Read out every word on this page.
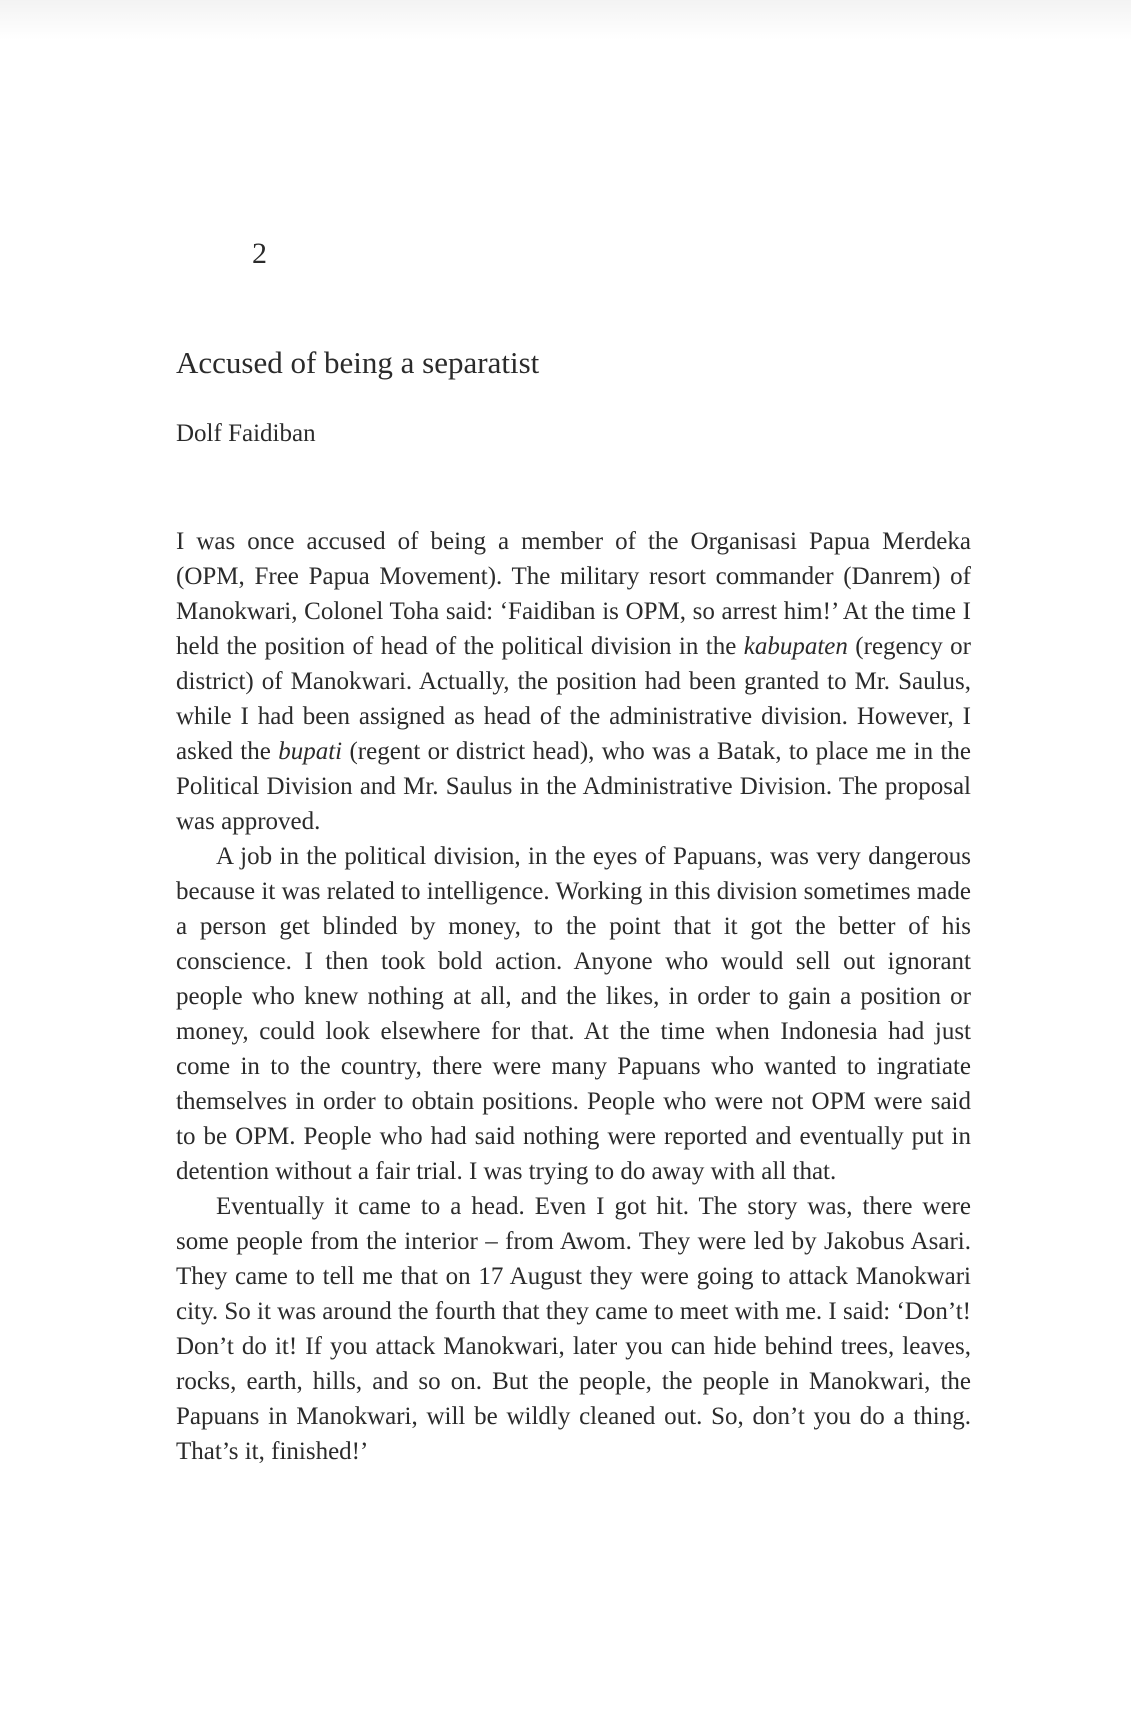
2
Accused of being a separatist
Dolf Faidiban

I was once accused of being a member of the Organisasi Papua Merdeka (OPM, Free Papua Movement). The military resort commander (Danrem) of Manokwari, Colonel Toha said: ‘Faidiban is OPM, so arrest him!’ At the time I held the position of head of the political division in the kabupaten (regency or district) of Manokwari. Actually, the position had been granted to Mr. Saulus, while I had been assigned as head of the administrative division. However, I asked the bupati (regent or district head), who was a Batak, to place me in the Political Division and Mr. Saulus in the Administrative Division. The proposal was approved.

A job in the political division, in the eyes of Papuans, was very dangerous because it was related to intelligence. Working in this division sometimes made a person get blinded by money, to the point that it got the better of his conscience. I then took bold action. Anyone who would sell out ignorant people who knew nothing at all, and the likes, in order to gain a position or money, could look elsewhere for that. At the time when Indonesia had just come in to the country, there were many Papuans who wanted to ingratiate themselves in order to obtain positions. People who were not OPM were said to be OPM. People who had said nothing were reported and eventually put in detention without a fair trial. I was trying to do away with all that.

Eventually it came to a head. Even I got hit. The story was, there were some people from the interior – from Awom. They were led by Jakobus Asari. They came to tell me that on 17 August they were going to attack Manokwari city. So it was around the fourth that they came to meet with me. I said: ‘Don’t! Don’t do it! If you attack Manokwari, later you can hide behind trees, leaves, rocks, earth, hills, and so on. But the people, the people in Manokwari, the Papuans in Manokwari, will be wildly cleaned out. So, don’t you do a thing. That’s it, finished!’
